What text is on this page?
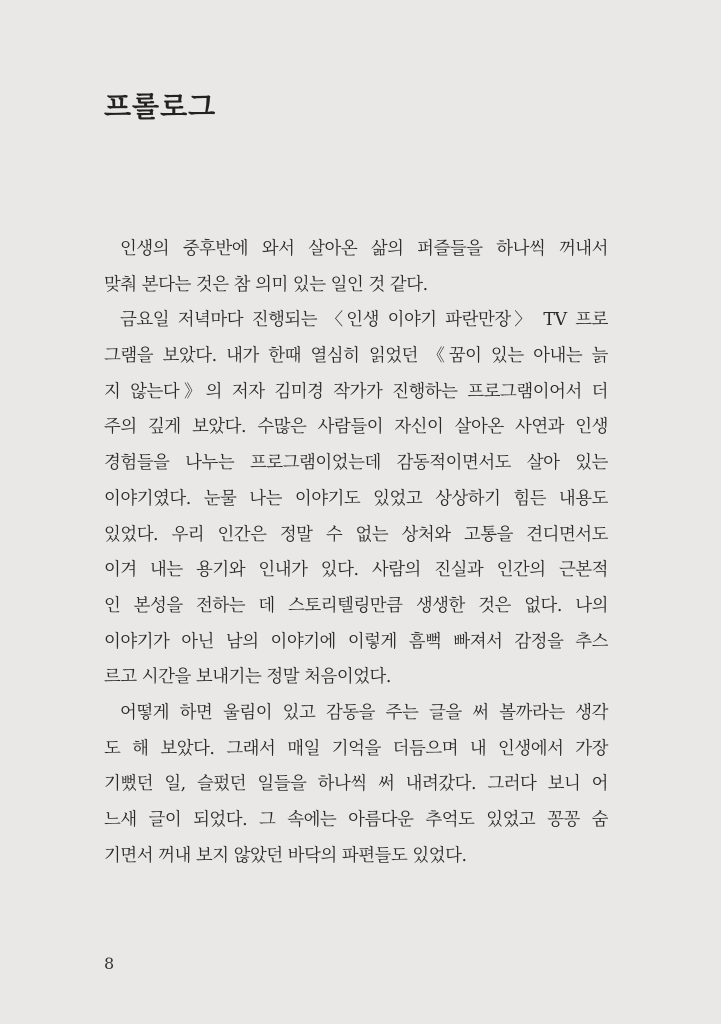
프롤로그
인생의 중후반에 와서 살아온 삶의 퍼즐들을 하나씩 꺼내서
맞춰 본다는 것은 참 의미 있는 일인 것 같다.
금요일 저녁마다 진행되는 〈인생 이야기 파란만장〉 TV 프로
그램을 보았다. 내가 한때 열심히 읽었던 《꿈이 있는 아내는 늙
지 않는다》의 저자 김미경 작가가 진행하는 프로그램이어서 더
주의 깊게 보았다. 수많은 사람들이 자신이 살아온 사연과 인생
경험들을 나누는 프로그램이었는데 감동적이면서도 살아 있는
이야기였다. 눈물 나는 이야기도 있었고 상상하기 힘든 내용도
있었다. 우리 인간은 정말 수 없는 상처와 고통을 견디면서도
이겨 내는 용기와 인내가 있다. 사람의 진실과 인간의 근본적
인 본성을 전하는 데 스토리텔링만큼 생생한 것은 없다. 나의
이야기가 아닌 남의 이야기에 이렇게 흠뻑 빠져서 감정을 추스
르고 시간을 보내기는 정말 처음이었다.
어떻게 하면 울림이 있고 감동을 주는 글을 써 볼까라는 생각
도 해 보았다. 그래서 매일 기억을 더듬으며 내 인생에서 가장
기뻤던 일, 슬펐던 일들을 하나씩 써 내려갔다. 그러다 보니 어
느새 글이 되었다. 그 속에는 아름다운 추억도 있었고 꽁꽁 숨
기면서 꺼내 보지 않았던 바닥의 파편들도 있었다.
8
